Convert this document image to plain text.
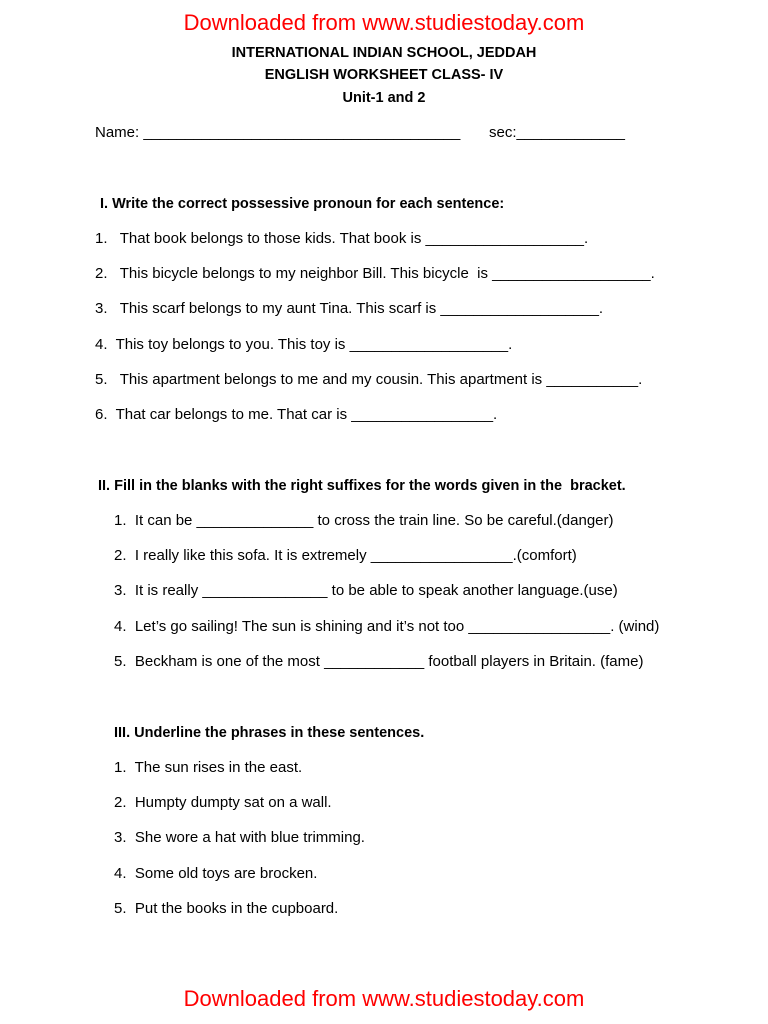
Downloaded from www.studiestoday.com
INTERNATIONAL INDIAN SCHOOL, JEDDAH
ENGLISH WORKSHEET CLASS- IV
Unit-1 and 2
Name: ______________________________________ sec:_____________
I. Write the correct possessive pronoun for each sentence:
1.   That book belongs to those kids. That book is ___________________.
2.   This bicycle belongs to my neighbor Bill. This bicycle  is ___________________.
3.   This scarf belongs to my aunt Tina. This scarf is ___________________.
4.  This toy belongs to you. This toy is ___________________.
5.   This apartment belongs to me and my cousin. This apartment is ___________.
6.  That car belongs to me. That car is _________________.
II. Fill in the blanks with the right suffixes for the words given in the  bracket.
1.  It can be ______________ to cross the train line. So be careful.(danger)
2.  I really like this sofa. It is extremely _________________.(comfort)
3.  It is really _______________ to be able to speak another language.(use)
4.  Let’s go sailing! The sun is shining and it’s not too _________________. (wind)
5.  Beckham is one of the most ____________ football players in Britain. (fame)
III. Underline the phrases in these sentences.
1.  The sun rises in the east.
2.  Humpty dumpty sat on a wall.
3.  She wore a hat with blue trimming.
4.  Some old toys are brocken.
5.  Put the books in the cupboard.
Downloaded from www.studiestoday.com
